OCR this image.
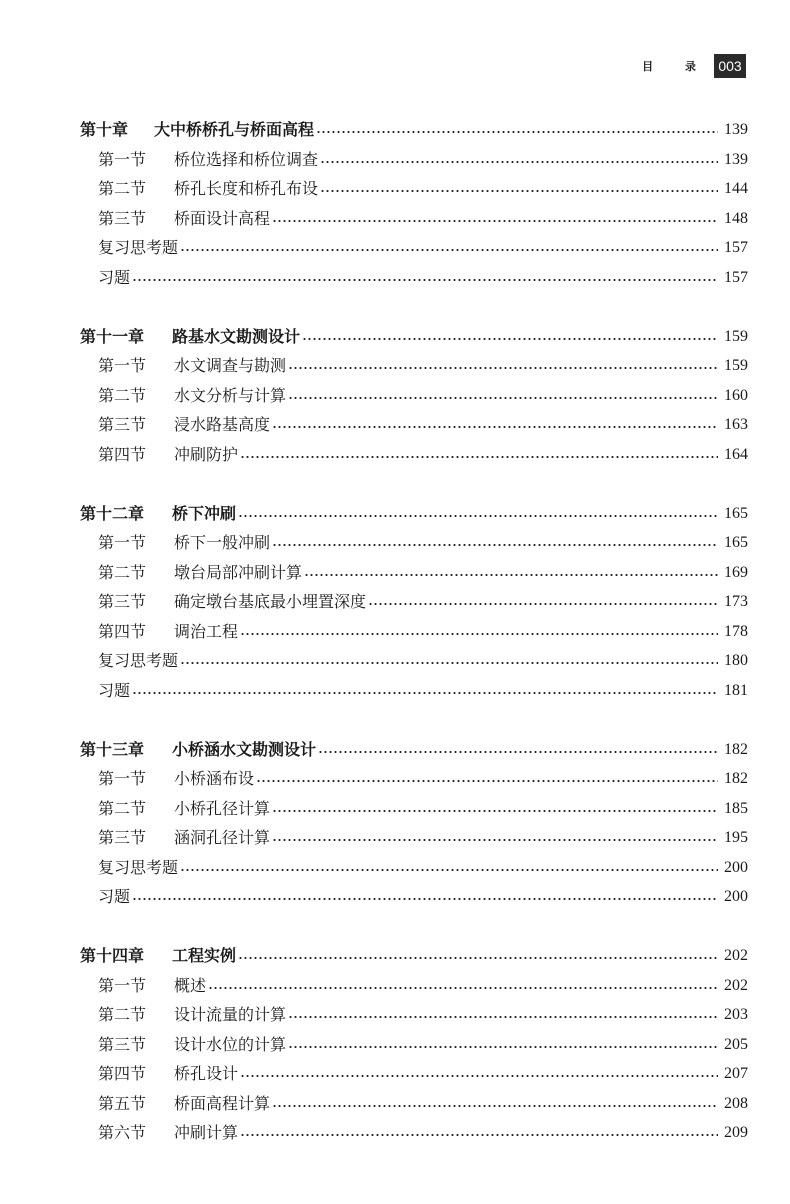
目 录 003
第十章	大中桥桥孔与桥面高程	139
第一节	桥位选择和桥位调查	139
第二节	桥孔长度和桥孔布设	144
第三节	桥面设计高程	148
复习思考题	157
习题	157
第十一章	路基水文勘测设计	159
第一节	水文调查与勘测	159
第二节	水文分析与计算	160
第三节	浸水路基高度	163
第四节	冲刷防护	164
第十二章	桥下冲刷	165
第一节	桥下一般冲刷	165
第二节	墩台局部冲刷计算	169
第三节	确定墩台基底最小埋置深度	173
第四节	调治工程	178
复习思考题	180
习题	181
第十三章	小桥涵水文勘测设计	182
第一节	小桥涵布设	182
第二节	小桥孔径计算	185
第三节	涵洞孔径计算	195
复习思考题	200
习题	200
第十四章	工程实例	202
第一节	概述	202
第二节	设计流量的计算	203
第三节	设计水位的计算	205
第四节	桥孔设计	207
第五节	桥面高程计算	208
第六节	冲刷计算	209
